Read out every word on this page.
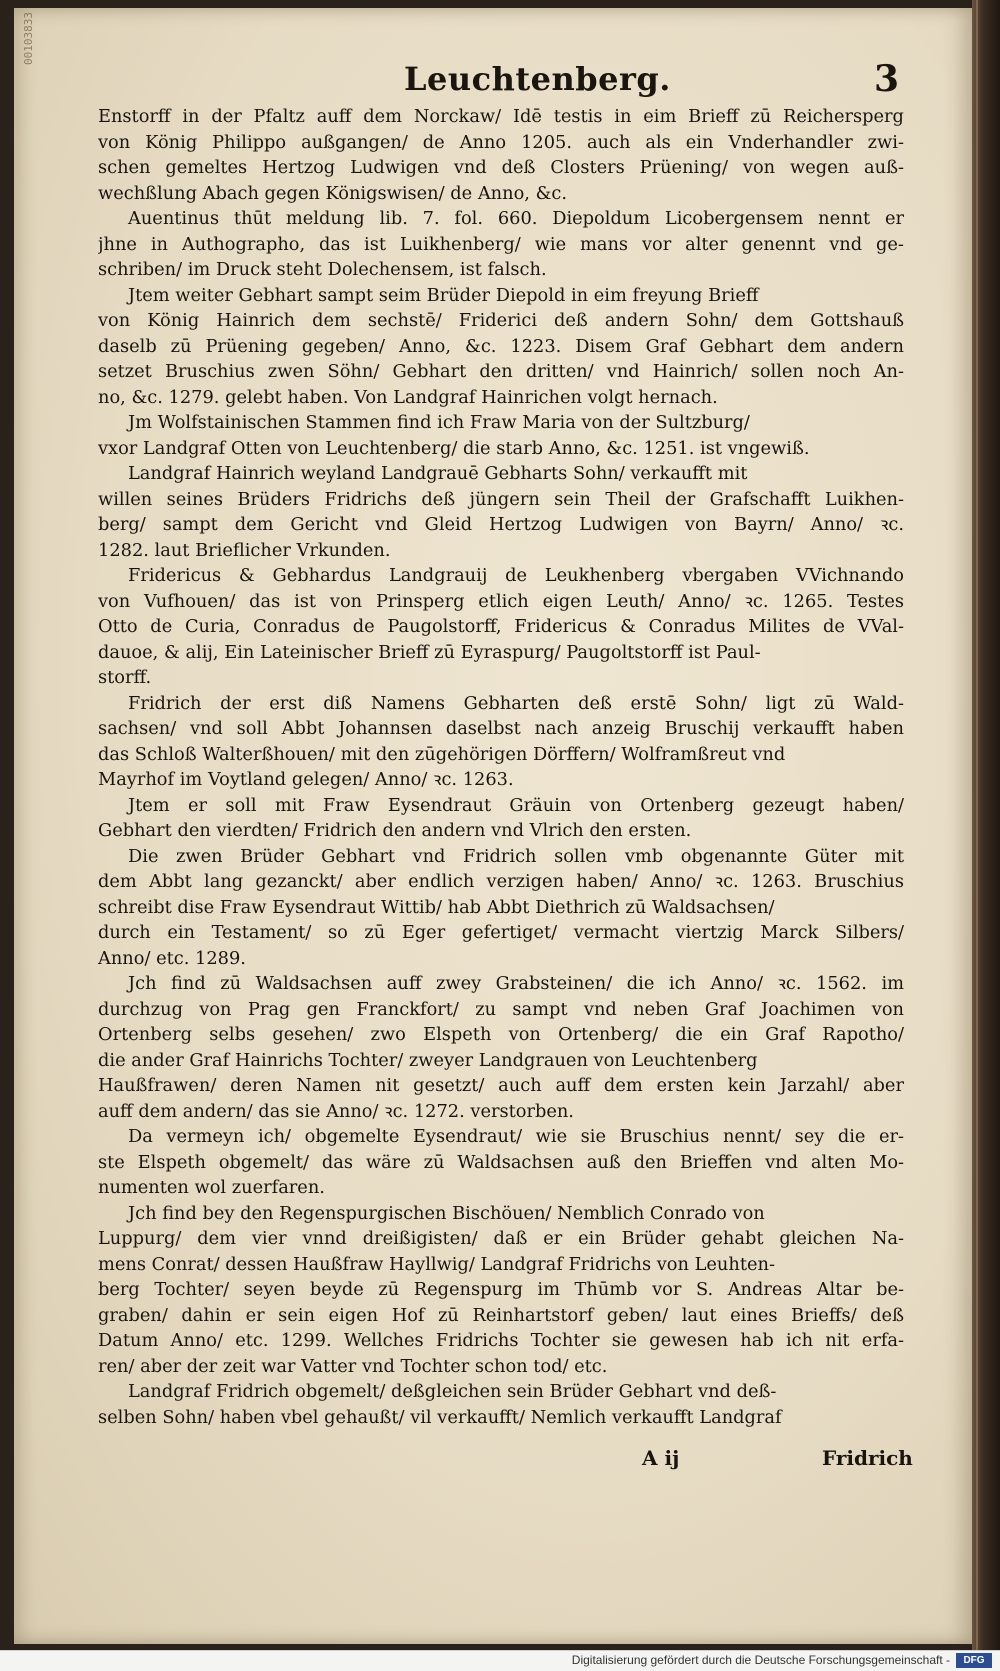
00103833
Leuchtenberg.	3
Enstorff in der Pfaltz auff dem Norckaw/ Idē testis in eim Brieff zū Reichersperg
von König Philippo außgangen/ de Anno 1205. auch als ein Vnderhandler zwi-
schen gemeltes Hertzog Ludwigen vnd deß Closters Prüening/ von wegen auß-
wechßlung Abach gegen Königswisen/ de Anno, &c.
Auentinus thūt meldung lib. 7. fol. 660. Diepoldum Licobergensem nennt er
jhne in Authographo, das ist Luikhenberg/ wie mans vor alter genennt vnd ge-
schriben/ im Druck steht Dolechensem, ist falsch.
Jtem weiter Gebhart sampt seim Brüder Diepold in eim freyung Brieff
von König Hainrich dem sechstē/ Friderici deß andern Sohn/ dem Gottshauß
daselb zū Prüening gegeben/ Anno, &c. 1223. Disem Graf Gebhart dem andern
setzet Bruschius zwen Söhn/ Gebhart den dritten/ vnd Hainrich/ sollen noch An-
no, &c. 1279. gelebt haben. Von Landgraf Hainrichen volgt hernach.
Jm Wolfstainischen Stammen find ich Fraw Maria von der Sultzburg/
vxor Landgraf Otten von Leuchtenberg/ die starb Anno, &c. 1251. ist vngewiß.
Landgraf Hainrich weyland Landgrauē Gebharts Sohn/ verkaufft mit
willen seines Brüders Fridrichs deß jüngern sein Theil der Grafschafft Luikhen-
berg/ sampt dem Gericht vnd Gleid Hertzog Ludwigen von Bayrn/ Anno/ ꝛc.
1282. laut Brieflicher Vrkunden.
Fridericus & Gebhardus Landgrauij de Leukhenberg vbergaben VVichnando
von Vufhouen/ das ist von Prinsperg etlich eigen Leuth/ Anno/ ꝛc. 1265. Testes
Otto de Curia, Conradus de Paugolstorff, Fridericus & Conradus Milites de VVal-
dauoe, & alij, Ein Lateinischer Brieff zū Eyraspurg/ Paugoltstorff ist Paul-
storff.
Fridrich der erst diß Namens Gebharten deß erstē Sohn/ ligt zū Wald-
sachsen/ vnd soll Abbt Johannsen daselbst nach anzeig Bruschij verkaufft haben
das Schloß Walterßhouen/ mit den zūgehörigen Dörffern/ Wolframßreut vnd
Mayrhof im Voytland gelegen/ Anno/ ꝛc. 1263.
Jtem er soll mit Fraw Eysendraut Gräuin von Ortenberg gezeugt haben/
Gebhart den vierdten/ Fridrich den andern vnd Vlrich den ersten.
Die zwen Brüder Gebhart vnd Fridrich sollen vmb obgenannte Güter mit
dem Abbt lang gezanckt/ aber endlich verzigen haben/ Anno/ ꝛc. 1263. Bruschius
schreibt dise Fraw Eysendraut Wittib/ hab Abbt Diethrich zū Waldsachsen/
durch ein Testament/ so zū Eger gefertiget/ vermacht viertzig Marck Silbers/
Anno/ etc. 1289.
Jch find zū Waldsachsen auff zwey Grabsteinen/ die ich Anno/ ꝛc. 1562. im
durchzug von Prag gen Franckfort/ zu sampt vnd neben Graf Joachimen von
Ortenberg selbs gesehen/ zwo Elspeth von Ortenberg/ die ein Graf Rapotho/
die ander Graf Hainrichs Tochter/ zweyer Landgrauen von Leuchtenberg
Haußfrawen/ deren Namen nit gesetzt/ auch auff dem ersten kein Jarzahl/ aber
auff dem andern/ das sie Anno/ ꝛc. 1272. verstorben.
Da vermeyn ich/ obgemelte Eysendraut/ wie sie Bruschius nennt/ sey die er-
ste Elspeth obgemelt/ das wäre zū Waldsachsen auß den Brieffen vnd alten Mo-
numenten wol zuerfaren.
Jch find bey den Regenspurgischen Bischöuen/ Nemblich Conrado von
Luppurg/ dem vier vnnd dreißigisten/ daß er ein Brüder gehabt gleichen Na-
mens Conrat/ dessen Haußfraw Hayllwig/ Landgraf Fridrichs von Leuhten-
berg Tochter/ seyen beyde zū Regenspurg im Thūmb vor S. Andreas Altar be-
graben/ dahin er sein eigen Hof zū Reinhartstorf geben/ laut eines Brieffs/ deß
Datum Anno/ etc. 1299. Wellches Fridrichs Tochter sie gewesen hab ich nit erfa-
ren/ aber der zeit war Vatter vnd Tochter schon tod/ etc.
Landgraf Fridrich obgemelt/ deßgleichen sein Brüder Gebhart vnd deß-
selben Sohn/ haben vbel gehaußt/ vil verkaufft/ Nemlich verkaufft Landgraf
A ij	Fridrich
Digitalisierung gefördert durch die Deutsche Forschungsgemeinschaft -	DFG
